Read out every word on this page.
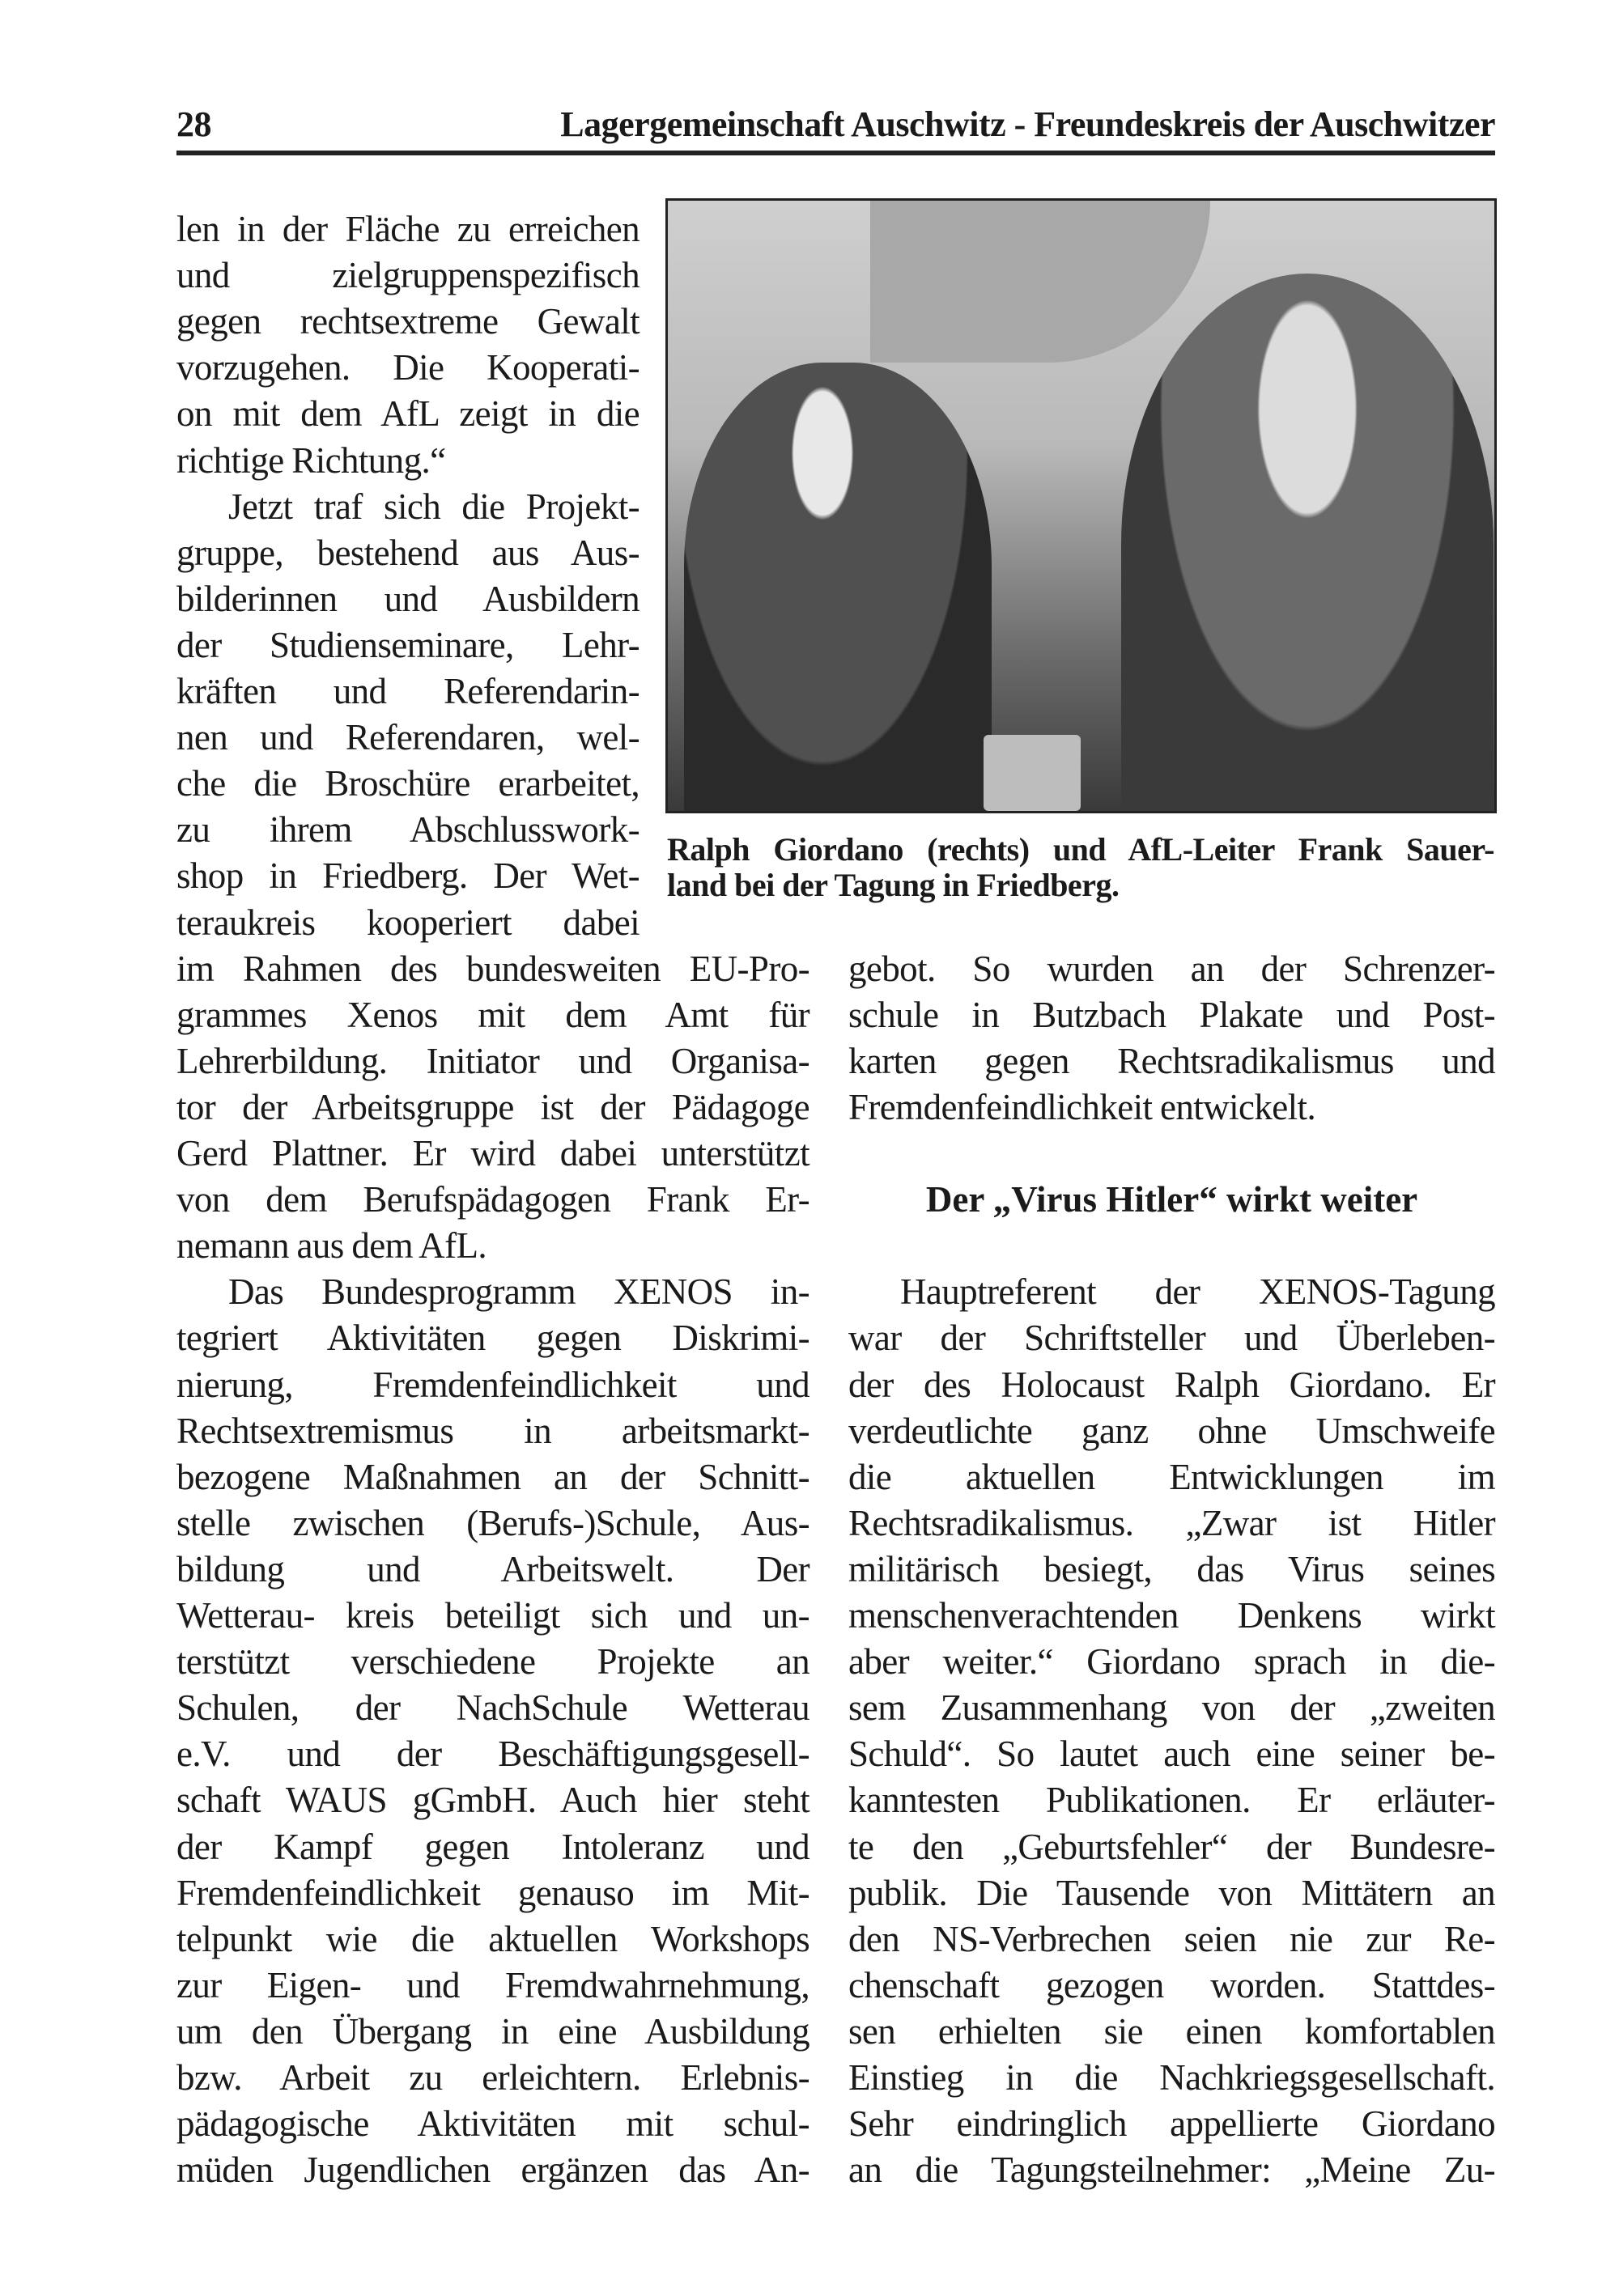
28	Lagergemeinschaft Auschwitz - Freundeskreis der Auschwitzer
Ralph Giordano (rechts) und AfL-Leiter Frank Sauer-
land bei der Tagung in Friedberg.
len in der Fläche zu erreichen
und zielgruppenspezifisch
gegen rechtsextreme Gewalt
vorzugehen. Die Kooperati-
on mit dem AfL zeigt in die
richtige Richtung.“
Jetzt traf sich die Projekt-
gruppe, bestehend aus Aus-
bilderinnen und Ausbildern
der Studienseminare, Lehr-
kräften und Referendarin-
nen und Referendaren, wel-
che die Broschüre erarbeitet,
zu ihrem Abschlusswork-
shop in Friedberg. Der Wet-
teraukreis kooperiert dabei
im Rahmen des bundesweiten EU-Pro-
grammes Xenos mit dem Amt für
Lehrerbildung. Initiator und Organisa-
tor der Arbeitsgruppe ist der Pädagoge
Gerd Plattner. Er wird dabei unterstützt
von dem Berufspädagogen Frank Er-
nemann aus dem AfL.
Das Bundesprogramm XENOS in-
tegriert Aktivitäten gegen Diskrimi-
nierung, Fremdenfeindlichkeit und
Rechtsextremismus in arbeitsmarkt-
bezogene Maßnahmen an der Schnitt-
stelle zwischen (Berufs-)Schule, Aus-
bildung und Arbeitswelt. Der
Wetterau- kreis beteiligt sich und un-
terstützt verschiedene Projekte an
Schulen, der NachSchule Wetterau
e.V. und der Beschäftigungsgesell-
schaft WAUS gGmbH. Auch hier steht
der Kampf gegen Intoleranz und
Fremdenfeindlichkeit genauso im Mit-
telpunkt wie die aktuellen Workshops
zur Eigen- und Fremdwahrnehmung,
um den Übergang in eine Ausbildung
bzw. Arbeit zu erleichtern. Erlebnis-
pädagogische Aktivitäten mit schul-
müden Jugendlichen ergänzen das An-
gebot. So wurden an der Schrenzer-
schule in Butzbach Plakate und Post-
karten gegen Rechtsradikalismus und
Fremdenfeindlichkeit entwickelt.
Der „Virus Hitler“ wirkt weiter
Hauptreferent der XENOS-Tagung
war der Schriftsteller und Überleben-
der des Holocaust Ralph Giordano. Er
verdeutlichte ganz ohne Umschweife
die aktuellen Entwicklungen im
Rechtsradikalismus. „Zwar ist Hitler
militärisch besiegt, das Virus seines
menschenverachtenden Denkens wirkt
aber weiter.“ Giordano sprach in die-
sem Zusammenhang von der „zweiten
Schuld“. So lautet auch eine seiner be-
kanntesten Publikationen. Er erläuter-
te den „Geburtsfehler“ der Bundesre-
publik. Die Tausende von Mittätern an
den NS-Verbrechen seien nie zur Re-
chenschaft gezogen worden. Stattdes-
sen erhielten sie einen komfortablen
Einstieg in die Nachkriegsgesellschaft.
Sehr eindringlich appellierte Giordano
an die Tagungsteilnehmer: „Meine Zu-
